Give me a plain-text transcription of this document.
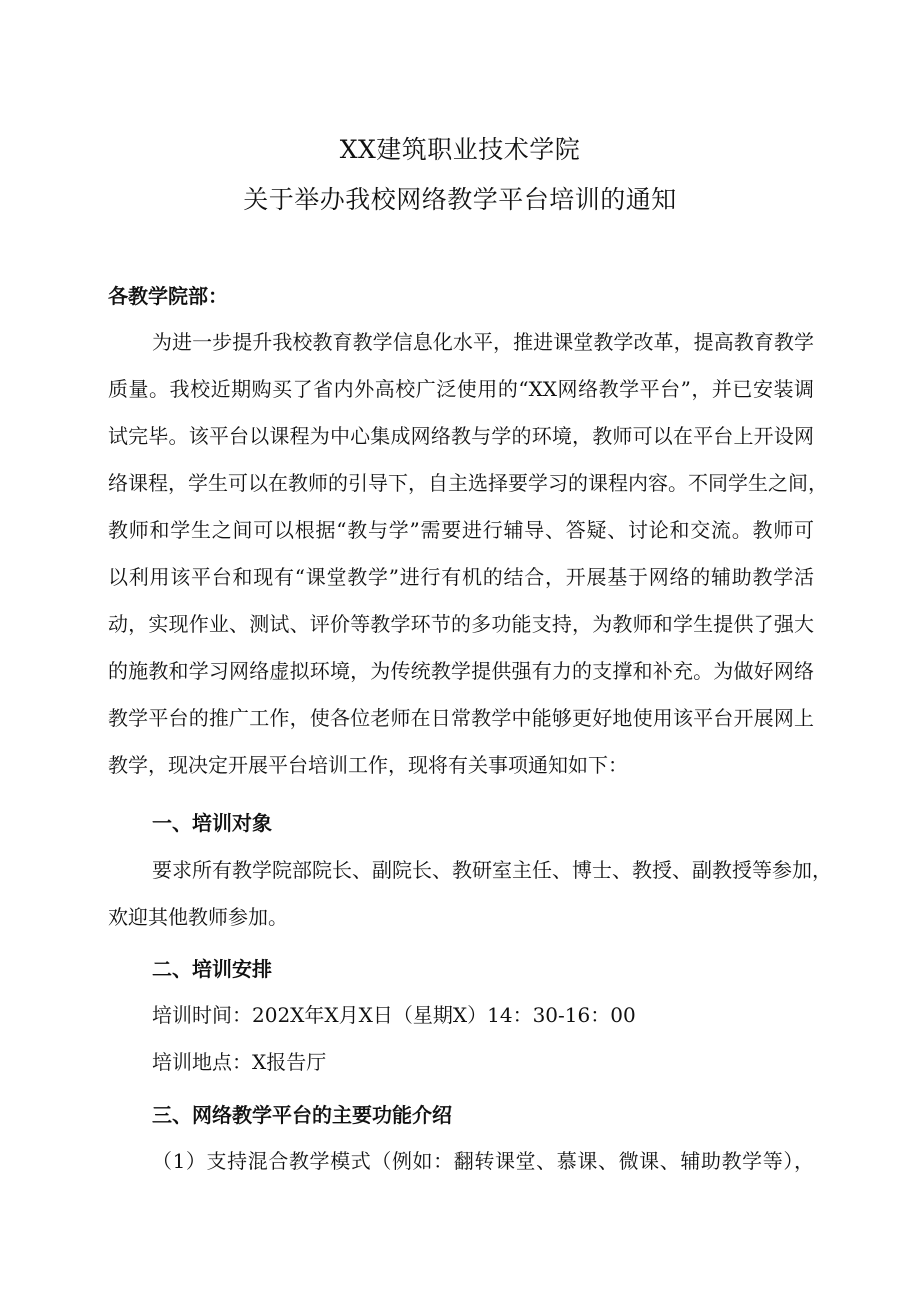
XX建筑职业技术学院
关于举办我校网络教学平台培训的通知
各教学院部：
为进一步提升我校教育教学信息化水平，推进课堂教学改革，提高教育教学
质量。我校近期购买了省内外高校广泛使用的“XX网络教学平台”，并已安装调
试完毕。该平台以课程为中心集成网络教与学的环境，教师可以在平台上开设网
络课程，学生可以在教师的引导下，自主选择要学习的课程内容。不同学生之间，
教师和学生之间可以根据“教与学”需要进行辅导、答疑、讨论和交流。教师可
以利用该平台和现有“课堂教学”进行有机的结合，开展基于网络的辅助教学活
动，实现作业、测试、评价等教学环节的多功能支持，为教师和学生提供了强大
的施教和学习网络虚拟环境，为传统教学提供强有力的支撑和补充。为做好网络
教学平台的推广工作，使各位老师在日常教学中能够更好地使用该平台开展网上
教学，现决定开展平台培训工作，现将有关事项通知如下：
一、培训对象
要求所有教学院部院长、副院长、教研室主任、博士、教授、副教授等参加，
欢迎其他教师参加。
二、培训安排
培训时间：202X年X月X日（星期X）14：30-16：00
培训地点：X报告厅
三、网络教学平台的主要功能介绍
（1）支持混合教学模式（例如：翻转课堂、慕课、微课、辅助教学等），
